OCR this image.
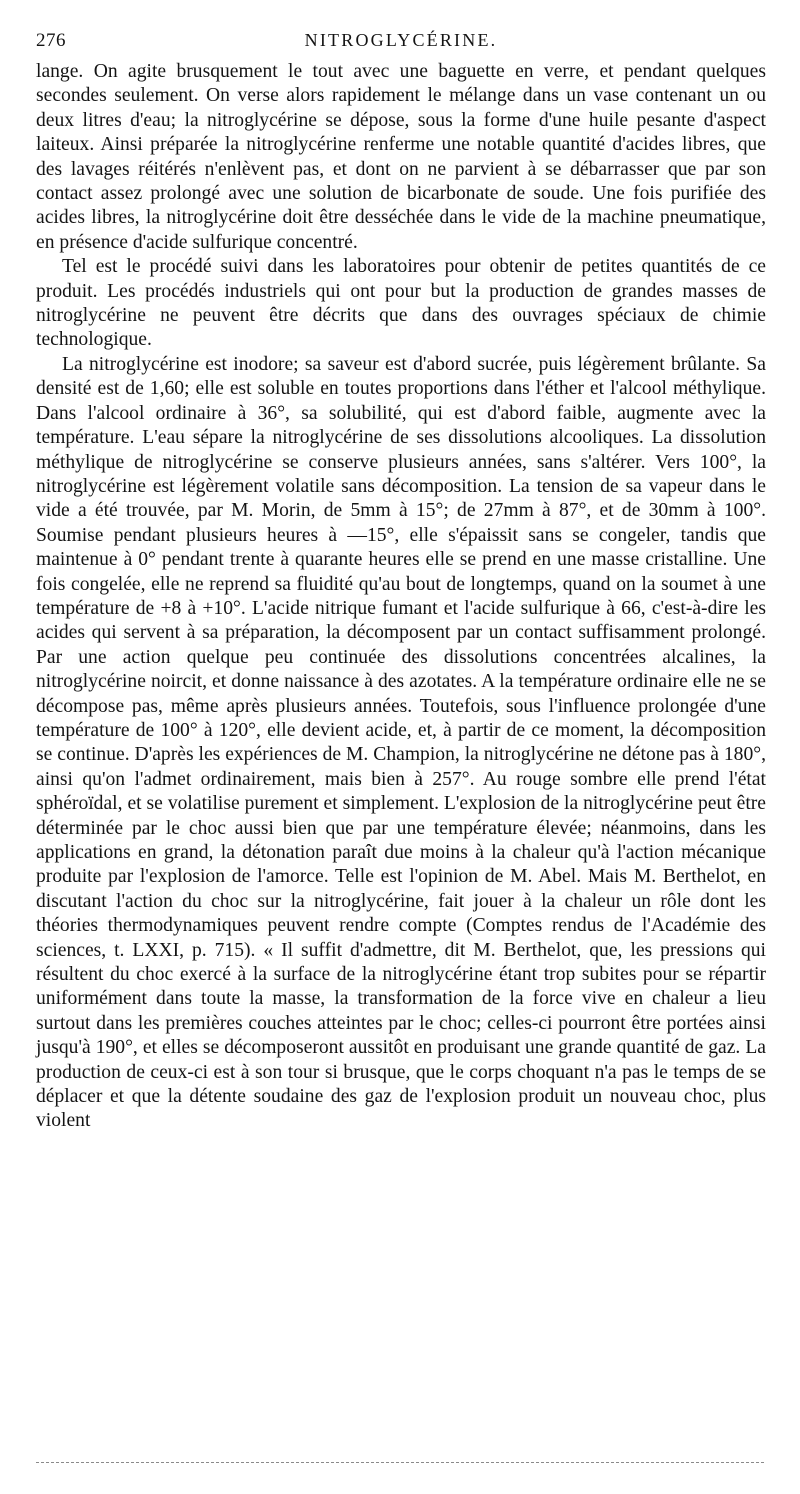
276	NITROGLYCÉRINE.

lange. On agite brusquement le tout avec une baguette en verre, et pendant quelques secondes seulement. On verse alors rapidement le mélange dans un vase contenant un ou deux litres d'eau; la nitroglycérine se dépose, sous la forme d'une huile pesante d'aspect laiteux. Ainsi préparée la nitroglycérine renferme une notable quantité d'acides libres, que des lavages réitérés n'enlèvent pas, et dont on ne parvient à se débarrasser que par son contact assez prolongé avec une solution de bicarbonate de soude. Une fois purifiée des acides libres, la nitroglycérine doit être desséchée dans le vide de la machine pneumatique, en présence d'acide sulfurique concentré.

Tel est le procédé suivi dans les laboratoires pour obtenir de petites quantités de ce produit. Les procédés industriels qui ont pour but la production de grandes masses de nitroglycérine ne peuvent être décrits que dans des ouvrages spéciaux de chimie technologique.

La nitroglycérine est inodore; sa saveur est d'abord sucrée, puis légèrement brûlante. Sa densité est de 1,60; elle est soluble en toutes proportions dans l'éther et l'alcool méthylique. Dans l'alcool ordinaire à 36°, sa solubilité, qui est d'abord faible, augmente avec la température. L'eau sépare la nitroglycérine de ses dissolutions alcooliques. La dissolution méthylique de nitroglycérine se conserve plusieurs années, sans s'altérer. Vers 100°, la nitroglycérine est légèrement volatile sans décomposition. La tension de sa vapeur dans le vide a été trouvée, par M. Morin, de 5mm à 15°; de 27mm à 87°, et de 30mm à 100°. Soumise pendant plusieurs heures à —15°, elle s'épaissit sans se congeler, tandis que maintenue à 0° pendant trente à quarante heures elle se prend en une masse cristalline. Une fois congelée, elle ne reprend sa fluidité qu'au bout de longtemps, quand on la soumet à une température de +8 à +10°. L'acide nitrique fumant et l'acide sulfurique à 66, c'est-à-dire les acides qui servent à sa préparation, la décomposent par un contact suffisamment prolongé. Par une action quelque peu continuée des dissolutions concentrées alcalines, la nitroglycérine noircit, et donne naissance à des azotates. A la température ordinaire elle ne se décompose pas, même après plusieurs années. Toutefois, sous l'influence prolongée d'une température de 100° à 120°, elle devient acide, et, à partir de ce moment, la décomposition se continue. D'après les expériences de M. Champion, la nitroglycérine ne détone pas à 180°, ainsi qu'on l'admet ordinairement, mais bien à 257°. Au rouge sombre elle prend l'état sphéroïdal, et se volatilise purement et simplement. L'explosion de la nitroglycérine peut être déterminée par le choc aussi bien que par une température élevée; néanmoins, dans les applications en grand, la détonation paraît due moins à la chaleur qu'à l'action mécanique produite par l'explosion de l'amorce. Telle est l'opinion de M. Abel. Mais M. Berthelot, en discutant l'action du choc sur la nitroglycérine, fait jouer à la chaleur un rôle dont les théories thermodynamiques peuvent rendre compte (Comptes rendus de l'Académie des sciences, t. LXXI, p. 715). « Il suffit d'admettre, dit M. Berthelot, que, les pressions qui résultent du choc exercé à la surface de la nitroglycérine étant trop subites pour se répartir uniformément dans toute la masse, la transformation de la force vive en chaleur a lieu surtout dans les premières couches atteintes par le choc; celles-ci pourront être portées ainsi jusqu'à 190°, et elles se décomposeront aussitôt en produisant une grande quantité de gaz. La production de ceux-ci est à son tour si brusque, que le corps choquant n'a pas le temps de se déplacer et que la détente soudaine des gaz de l'explosion produit un nouveau choc, plus violent
